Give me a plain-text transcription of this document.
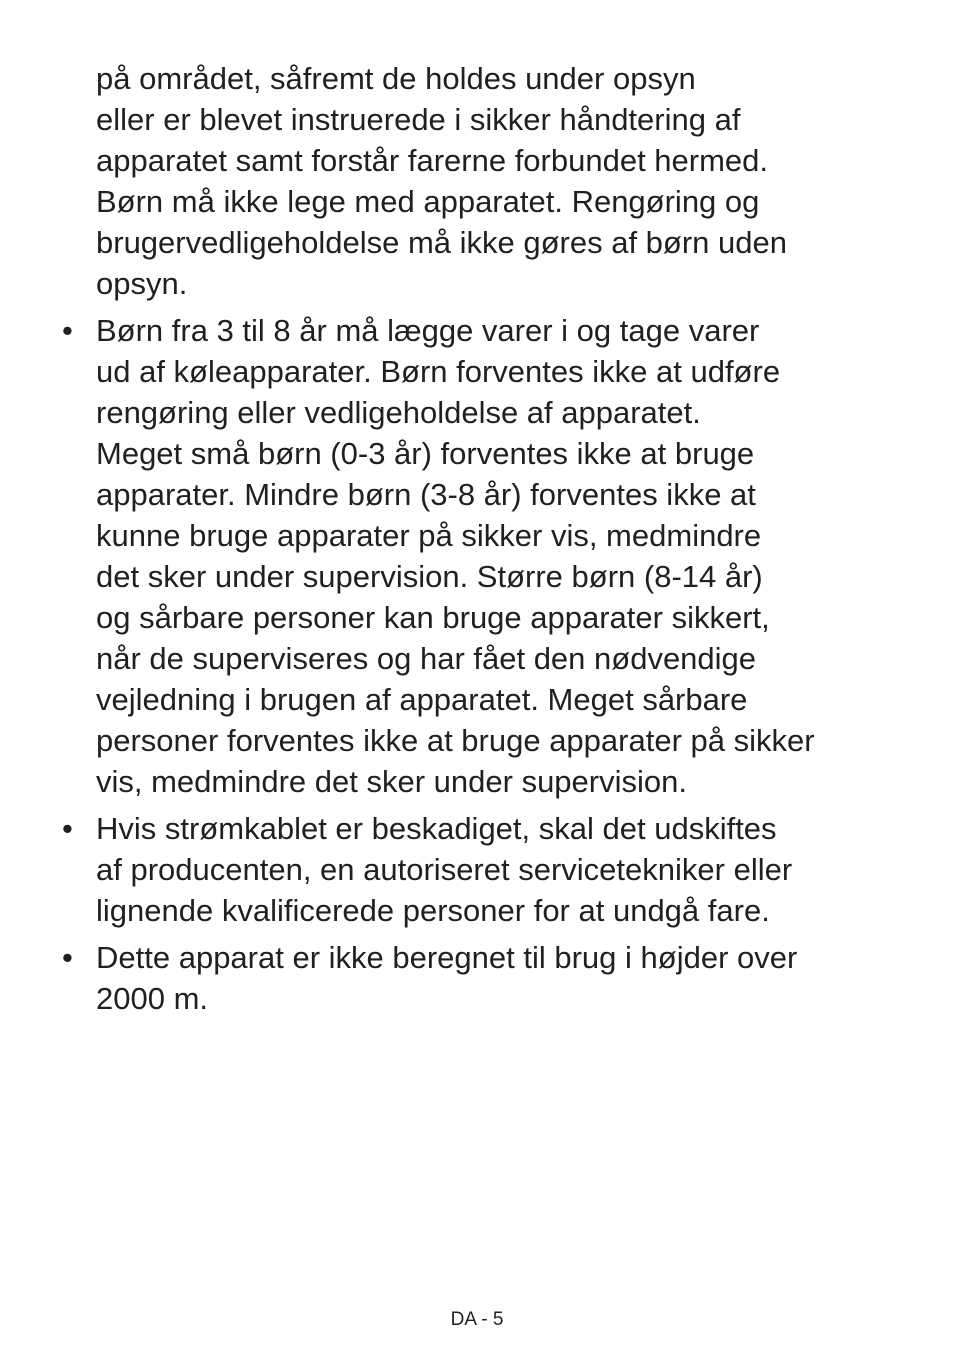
på området, såfremt de holdes under opsyn
eller er blevet instruerede i sikker håndtering af
apparatet samt forstår farerne forbundet hermed.
Børn må ikke lege med apparatet. Rengøring og
brugervedligeholdelse må ikke gøres af børn uden
opsyn.
• Børn fra 3 til 8 år må lægge varer i og tage varer
ud af køleapparater. Børn forventes ikke at udføre
rengøring eller vedligeholdelse af apparatet.
Meget små børn (0-3 år) forventes ikke at bruge
apparater. Mindre børn (3-8 år) forventes ikke at
kunne bruge apparater på sikker vis, medmindre
det sker under supervision. Større børn (8-14 år)
og sårbare personer kan bruge apparater sikkert,
når de superviseres og har fået den nødvendige
vejledning i brugen af apparatet. Meget sårbare
personer forventes ikke at bruge apparater på sikker
vis, medmindre det sker under supervision.
• Hvis strømkablet er beskadiget, skal det udskiftes
af producenten, en autoriseret servicetekniker eller
lignende kvalificerede personer for at undgå fare.
• Dette apparat er ikke beregnet til brug i højder over
2000 m.
DA - 5
